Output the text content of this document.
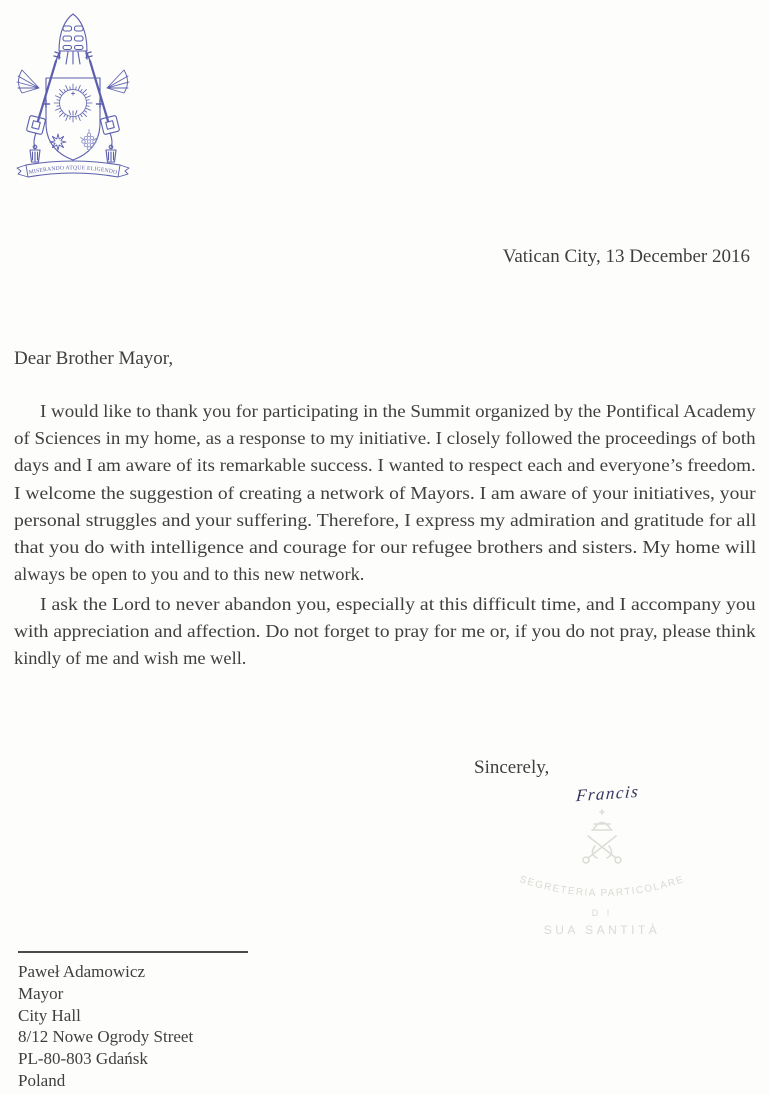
MISERANDO ATQUE ELIGENDO
Vatican City, 13 December 2016
Dear Brother Mayor,
I would like to thank you for participating in the Summit organized by the Pontifical Academy
of Sciences in my home, as a response to my initiative. I closely followed the proceedings of both
days and I am aware of its remarkable success. I wanted to respect each and everyone’s freedom.
I welcome the suggestion of creating a network of Mayors. I am aware of your initiatives, your
personal struggles and your suffering. Therefore, I express my admiration and gratitude for all
that you do with intelligence and courage for our refugee brothers and sisters. My home will
always be open to you and to this new network.
I ask the Lord to never abandon you, especially at this difficult time, and I accompany you
with appreciation and affection. Do not forget to pray for me or, if you do not pray, please think
kindly of me and wish me well.
Sincerely,
Francis
SEGRETERIA PARTICOLARE
D I
SUA SANTITÀ
Paweł Adamowicz
Mayor
City Hall
8/12 Nowe Ogrody Street
PL-80-803 Gdańsk
Poland
